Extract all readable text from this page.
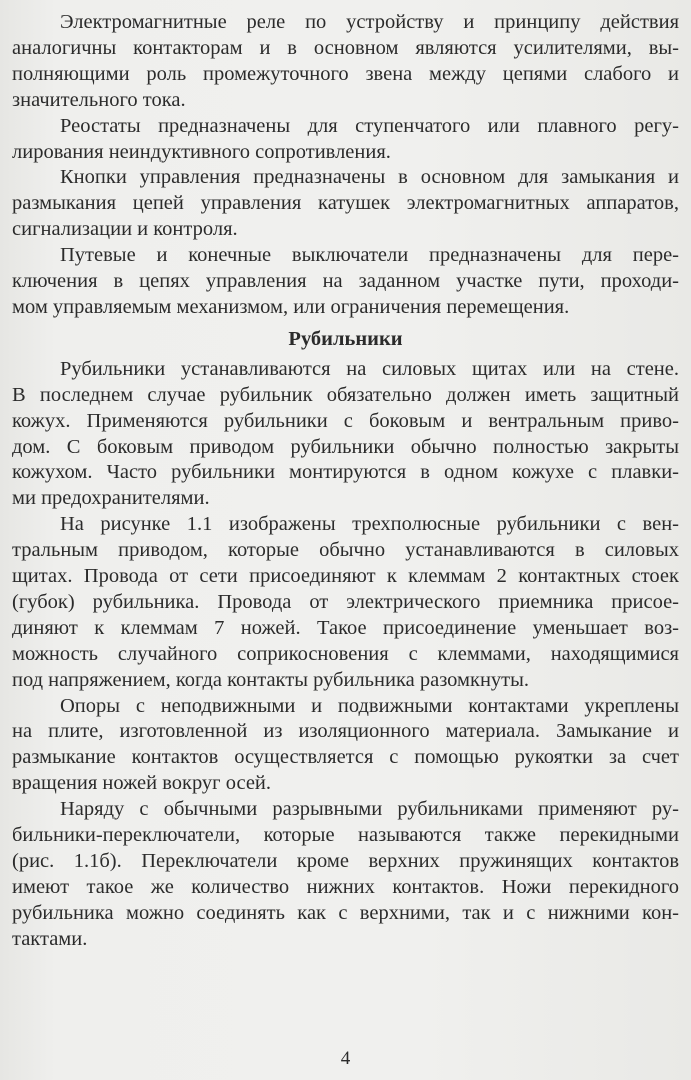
Электромагнитные реле по устройству и принципу действия
аналогичны контакторам и в основном являются усилителями, вы-
полняющими роль промежуточного звена между цепями слабого и
значительного тока.

Реостаты предназначены для ступенчатого или плавного регу-
лирования неиндуктивного сопротивления.

Кнопки управления предназначены в основном для замыкания и
размыкания цепей управления катушек электромагнитных аппаратов,
сигнализации и контроля.

Путевые и конечные выключатели предназначены для пере-
ключения в цепях управления на заданном участке пути, проходи-
мом управляемым механизмом, или ограничения перемещения.

Рубильники

Рубильники устанавливаются на силовых щитах или на стене.
В последнем случае рубильник обязательно должен иметь защитный
кожух. Применяются рубильники с боковым и вентральным приво-
дом. С боковым приводом рубильники обычно полностью закрыты
кожухом. Часто рубильники монтируются в одном кожухе с плавки-
ми предохранителями.

На рисунке 1.1 изображены трехполюсные рубильники с вен-
тральным приводом, которые обычно устанавливаются в силовых
щитах. Провода от сети присоединяют к клеммам 2 контактных стоек
(губок) рубильника. Провода от электрического приемника присое-
диняют к клеммам 7 ножей. Такое присоединение уменьшает воз-
можность случайного соприкосновения с клеммами, находящимися
под напряжением, когда контакты рубильника разомкнуты.

Опоры с неподвижными и подвижными контактами укреплены
на плите, изготовленной из изоляционного материала. Замыкание и
размыкание контактов осуществляется с помощью рукоятки за счет
вращения ножей вокруг осей.

Наряду с обычными разрывными рубильниками применяют ру-
бильники-переключатели, которые называются также перекидными
(рис. 1.1б). Переключатели кроме верхних пружинящих контактов
имеют такое же количество нижних контактов. Ножи перекидного
рубильника можно соединять как с верхними, так и с нижними кон-
тактами.

4
